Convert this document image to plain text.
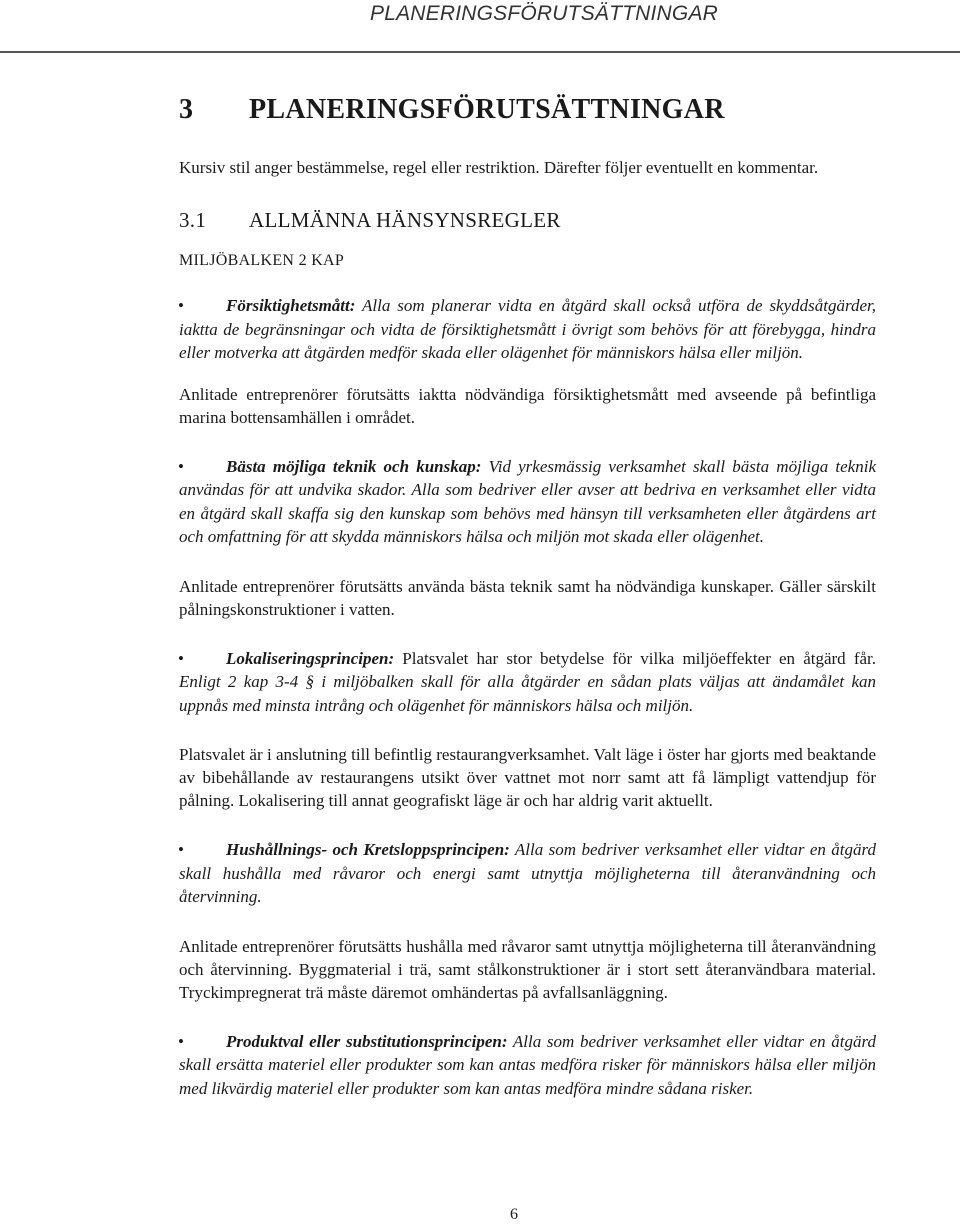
PLANERINGSFÖRUTSÄTTNINGAR
3 PLANERINGSFÖRUTSÄTTNINGAR

Kursiv stil anger bestämmelse, regel eller restriktion. Därefter följer eventuellt en kommentar.

3.1 ALLMÄNNA HÄNSYNSREGLER
MILJÖBALKEN 2 KAP

• Försiktighetsmått: Alla som planerar vidta en åtgärd skall också utföra de skyddsåtgärder, iaktta de begränsningar och vidta de försiktighetsmått i övrigt som behövs för att förebygga, hindra eller motverka att åtgärden medför skada eller olägenhet för människors hälsa eller miljön.

Anlitade entreprenörer förutsätts iaktta nödvändiga försiktighetsmått med avseende på befintliga marina bottensamhällen i området.

• Bästa möjliga teknik och kunskap: Vid yrkesmässig verksamhet skall bästa möjliga teknik användas för att undvika skador. Alla som bedriver eller avser att bedriva en verksamhet eller vidta en åtgärd skall skaffa sig den kunskap som behövs med hänsyn till verksamheten eller åtgärdens art och omfattning för att skydda människors hälsa och miljön mot skada eller olägenhet.

Anlitade entreprenörer förutsätts använda bästa teknik samt ha nödvändiga kunskaper. Gäller särskilt pålningskonstruktioner i vatten.

• Lokaliseringsprincipen: Platsvalet har stor betydelse för vilka miljöeffekter en åtgärd får. Enligt 2 kap 3-4 § i miljöbalken skall för alla åtgärder en sådan plats väljas att ändamålet kan uppnås med minsta intrång och olägenhet för människors hälsa och miljön.

Platsvalet är i anslutning till befintlig restaurangverksamhet. Valt läge i öster har gjorts med beaktande av bibehållande av restaurangens utsikt över vattnet mot norr samt att få lämpligt vattendjup för pålning. Lokalisering till annat geografiskt läge är och har aldrig varit aktuellt.

• Hushållnings- och Kretsloppsprincipen: Alla som bedriver verksamhet eller vidtar en åtgärd skall hushålla med råvaror och energi samt utnyttja möjligheterna till återanvändning och återvinning.

Anlitade entreprenörer förutsätts hushålla med råvaror samt utnyttja möjligheterna till återanvändning och återvinning. Byggmaterial i trä, samt stålkonstruktioner är i stort sett återanvändbara material. Tryckimpregnerat trä måste däremot omhändertas på avfallsanläggning.

• Produktval eller substitutionsprincipen: Alla som bedriver verksamhet eller vidtar en åtgärd skall ersätta materiel eller produkter som kan antas medföra risker för människors hälsa eller miljön med likvärdig materiel eller produkter som kan antas medföra mindre sådana risker.

6
